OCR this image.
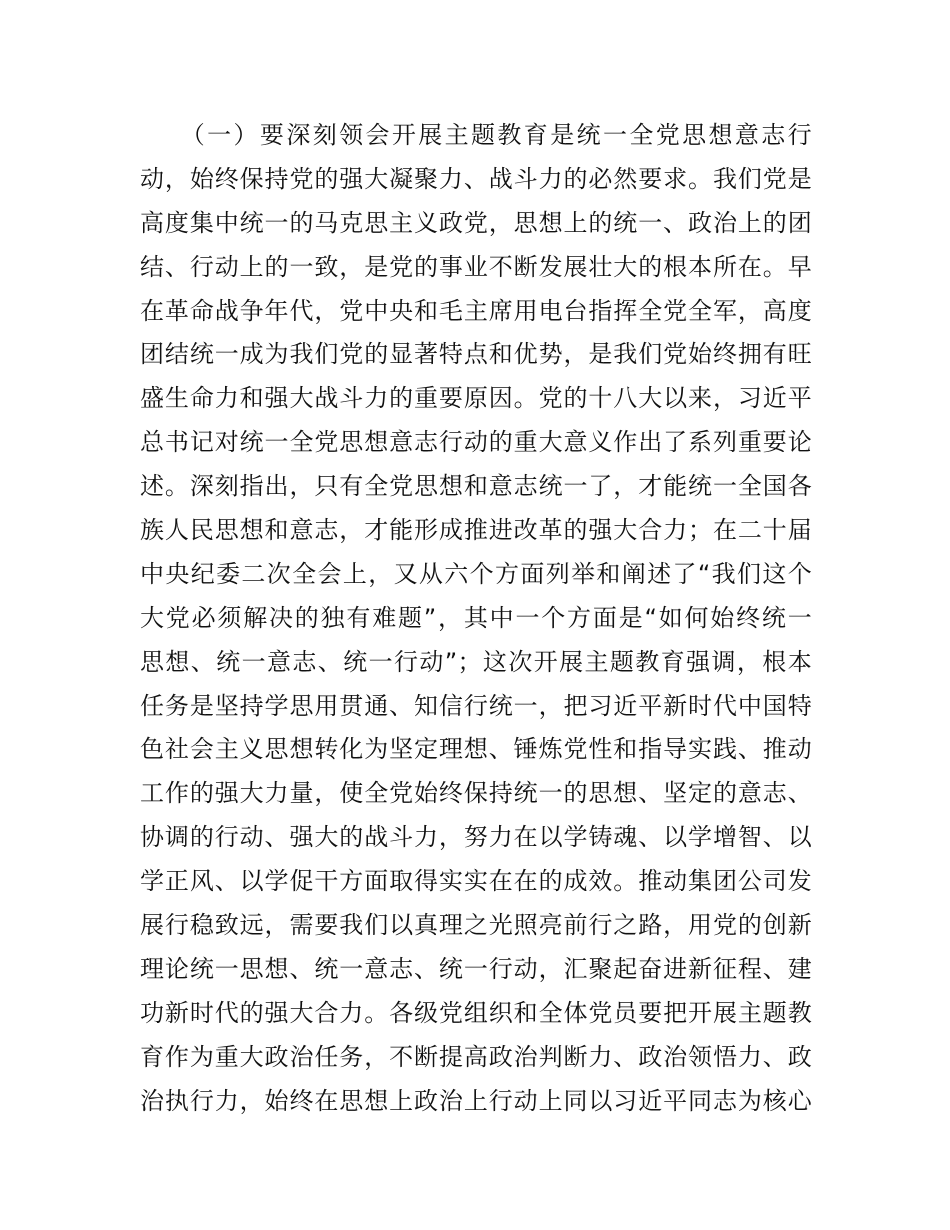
　　（一）要深刻领会开展主题教育是统一全党思想意志行
动，始终保持党的强大凝聚力、战斗力的必然要求。我们党是
高度集中统一的马克思主义政党，思想上的统一、政治上的团
结、行动上的一致，是党的事业不断发展壮大的根本所在。早
在革命战争年代，党中央和毛主席用电台指挥全党全军，高度
团结统一成为我们党的显著特点和优势，是我们党始终拥有旺
盛生命力和强大战斗力的重要原因。党的十八大以来，习近平
总书记对统一全党思想意志行动的重大意义作出了系列重要论
述。深刻指出，只有全党思想和意志统一了，才能统一全国各
族人民思想和意志，才能形成推进改革的强大合力；在二十届
中央纪委二次全会上，又从六个方面列举和阐述了“我们这个
大党必须解决的独有难题”，其中一个方面是“如何始终统一
思想、统一意志、统一行动”；这次开展主题教育强调，根本
任务是坚持学思用贯通、知信行统一，把习近平新时代中国特
色社会主义思想转化为坚定理想、锤炼党性和指导实践、推动
工作的强大力量，使全党始终保持统一的思想、坚定的意志、
协调的行动、强大的战斗力，努力在以学铸魂、以学增智、以
学正风、以学促干方面取得实实在在的成效。推动集团公司发
展行稳致远，需要我们以真理之光照亮前行之路，用党的创新
理论统一思想、统一意志、统一行动，汇聚起奋进新征程、建
功新时代的强大合力。各级党组织和全体党员要把开展主题教
育作为重大政治任务，不断提高政治判断力、政治领悟力、政
治执行力，始终在思想上政治上行动上同以习近平同志为核心
